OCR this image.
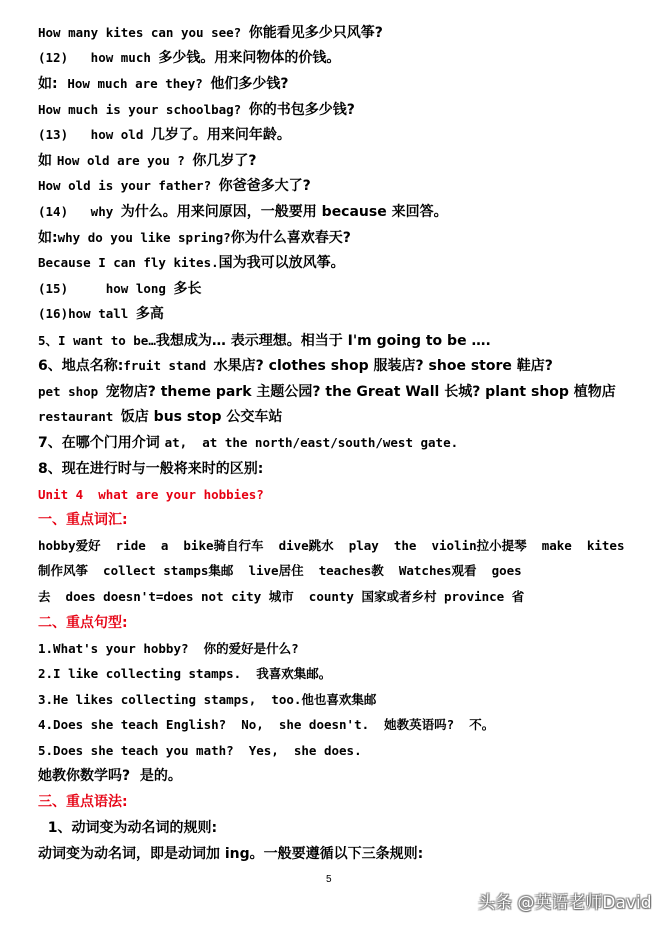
How many kites can you see? 你能看见多少只风筝?
(12)   how much 多少钱。用来问物体的价钱。
如:  How much are they? 他们多少钱?
How much is your schoolbag? 你的书包多少钱?
(13)   how old 几岁了。用来问年龄。
如 How old are you ? 你几岁了?
How old is your father? 你爸爸多大了?
(14)   why 为什么。用来问原因，一般要用 because 来回答。
如:why do you like spring?你为什么喜欢春天?
Because I can fly kites.国为我可以放风筝。
(15)     how long 多长
(16)how tall 多高
5、I want to be…我想成为… 表示理想。相当于 I'm going to be ….
6、地点名称:fruit stand 水果店? clothes shop 服装店? shoe store 鞋店?
pet shop 宠物店? theme park 主题公园? the Great Wall 长城? plant shop 植物店
restaurant 饭店 bus stop 公交车站
7、在哪个门用介词 at,  at the north/east/south/west gate.
8、现在进行时与一般将来时的区别:
Unit 4  what are your hobbies?
一、重点词汇:
hobby爱好  ride  a  bike骑自行车  dive跳水  play  the  violin拉小提琴  make  kites
制作风筝  collect stamps集邮  live居住  teaches教  Watches观看  goes
去  does doesn't=does not city 城市  county 国家或者乡村 province 省
二、重点句型:
1.What's your hobby?  你的爱好是什么?
2.I like collecting stamps.  我喜欢集邮。
3.He likes collecting stamps,  too.他也喜欢集邮
4.Does she teach English?  No,  she doesn't.  她教英语吗?  不。
5.Does she teach you math?  Yes,  she does.
她教你数学吗?  是的。
三、重点语法:
1、动词变为动名词的规则:
动词变为动名词，即是动词加 ing。一般要遵循以下三条规则:
5
头条 @英语老师David
